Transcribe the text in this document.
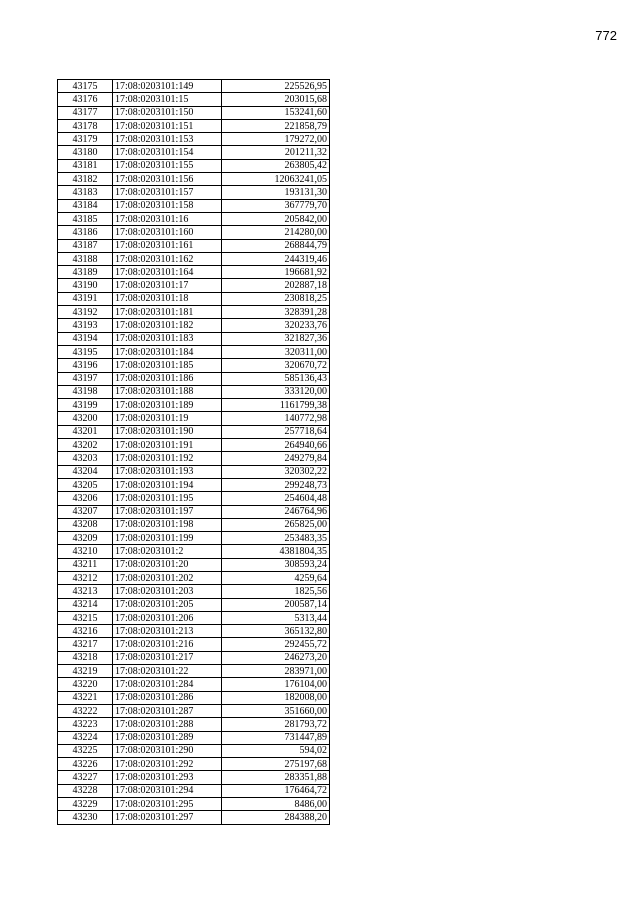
772
43175	17:08:0203101:149	225526,95
43176	17:08:0203101:15	203015,68
43177	17:08:0203101:150	153241,60
43178	17:08:0203101:151	221858,79
43179	17:08:0203101:153	179272,00
43180	17:08:0203101:154	201211,32
43181	17:08:0203101:155	263805,42
43182	17:08:0203101:156	12063241,05
43183	17:08:0203101:157	193131,30
43184	17:08:0203101:158	367779,70
43185	17:08:0203101:16	205842,00
43186	17:08:0203101:160	214280,00
43187	17:08:0203101:161	268844,79
43188	17:08:0203101:162	244319,46
43189	17:08:0203101:164	196681,92
43190	17:08:0203101:17	202887,18
43191	17:08:0203101:18	230818,25
43192	17:08:0203101:181	328391,28
43193	17:08:0203101:182	320233,76
43194	17:08:0203101:183	321827,36
43195	17:08:0203101:184	320311,00
43196	17:08:0203101:185	320670,72
43197	17:08:0203101:186	585136,43
43198	17:08:0203101:188	333120,00
43199	17:08:0203101:189	1161799,38
43200	17:08:0203101:19	140772,98
43201	17:08:0203101:190	257718,64
43202	17:08:0203101:191	264940,66
43203	17:08:0203101:192	249279,84
43204	17:08:0203101:193	320302,22
43205	17:08:0203101:194	299248,73
43206	17:08:0203101:195	254604,48
43207	17:08:0203101:197	246764,96
43208	17:08:0203101:198	265825,00
43209	17:08:0203101:199	253483,35
43210	17:08:0203101:2	4381804,35
43211	17:08:0203101:20	308593,24
43212	17:08:0203101:202	4259,64
43213	17:08:0203101:203	1825,56
43214	17:08:0203101:205	200587,14
43215	17:08:0203101:206	5313,44
43216	17:08:0203101:213	365132,80
43217	17:08:0203101:216	292455,72
43218	17:08:0203101:217	246273,20
43219	17:08:0203101:22	283971,00
43220	17:08:0203101:284	176104,00
43221	17:08:0203101:286	182008,00
43222	17:08:0203101:287	351660,00
43223	17:08:0203101:288	281793,72
43224	17:08:0203101:289	731447,89
43225	17:08:0203101:290	594,02
43226	17:08:0203101:292	275197,68
43227	17:08:0203101:293	283351,88
43228	17:08:0203101:294	176464,72
43229	17:08:0203101:295	8486,00
43230	17:08:0203101:297	284388,20
